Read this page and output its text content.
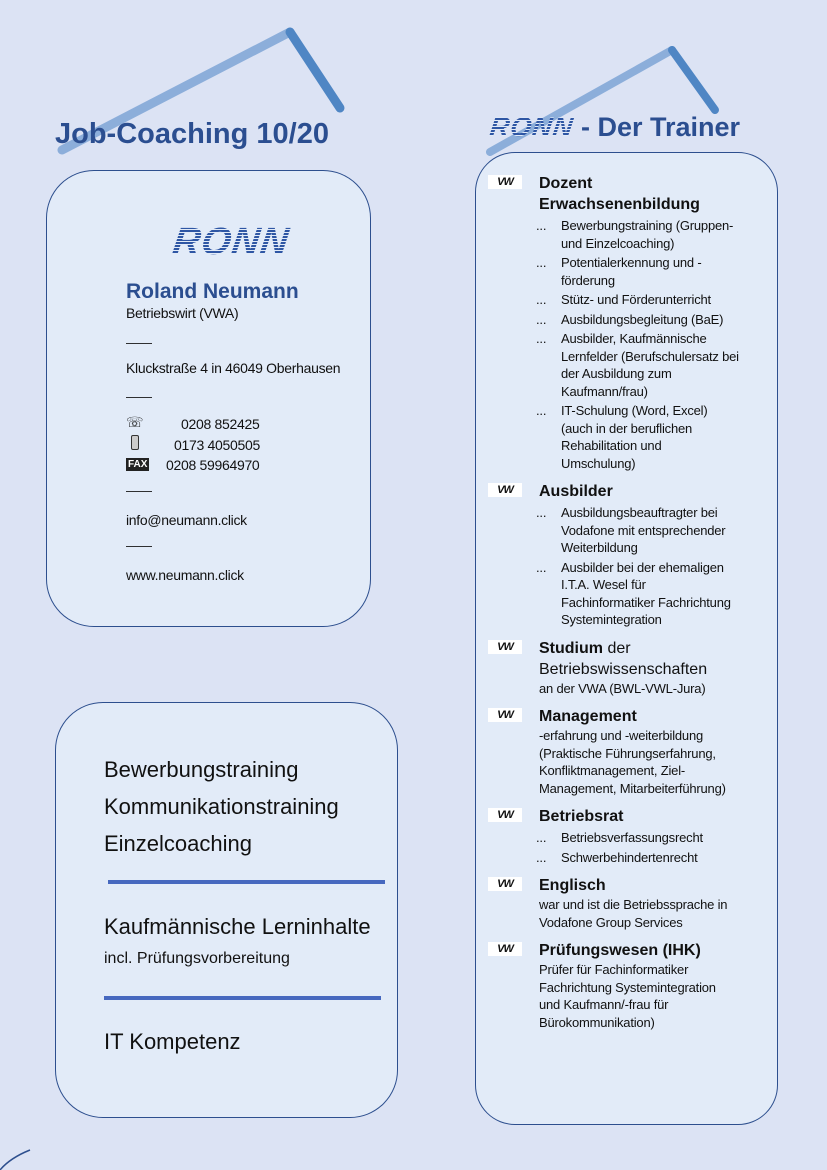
Job-Coaching 10/20
RONN
Roland Neumann
Betriebswirt (VWA)
——
Kluckstraße 4 in 46049 Oberhausen
——
☏	0208 852425
0173 4050505
FAX 0208 59964970
——
info@neumann.click
——
www.neumann.click
Bewerbungstraining
Kommunikationstraining
Einzelcoaching
Kaufmännische Lerninhalte
incl. Prüfungsvorbereitung
IT Kompetenz
RONN - Der Trainer
VW	Dozent Erwachsenenbildung
... Bewerbungstraining (Gruppen- und Einzelcoaching)
... Potentialerkennung und -förderung
... Stütz- und Förderunterricht
... Ausbildungsbegleitung (BaE)
... Ausbilder, Kaufmännische Lernfelder (Berufschulersatz bei der Ausbildung zum Kaufmann/frau)
... IT-Schulung (Word, Excel) (auch in der beruflichen Rehabilitation und Umschulung)
VW	Ausbilder
... Ausbildungsbeauftragter bei Vodafone mit entsprechender Weiterbildung
... Ausbilder bei der ehemaligen I.T.A. Wesel für Fachinformatiker Fachrichtung Systemintegration
VW	Studium der Betriebswissenschaften
an der VWA (BWL-VWL-Jura)
VW	Management
-erfahrung und -weiterbildung (Praktische Führungserfahrung, Konfliktmanagement, Ziel-Management, Mitarbeiterführung)
VW	Betriebsrat
... Betriebsverfassungsrecht
... Schwerbehindertenrecht
VW	Englisch
war und ist die Betriebssprache in Vodafone Group Services
VW	Prüfungswesen (IHK)
Prüfer für Fachinformatiker Fachrichtung Systemintegration und Kaufmann/-frau für Bürokommunikation)
